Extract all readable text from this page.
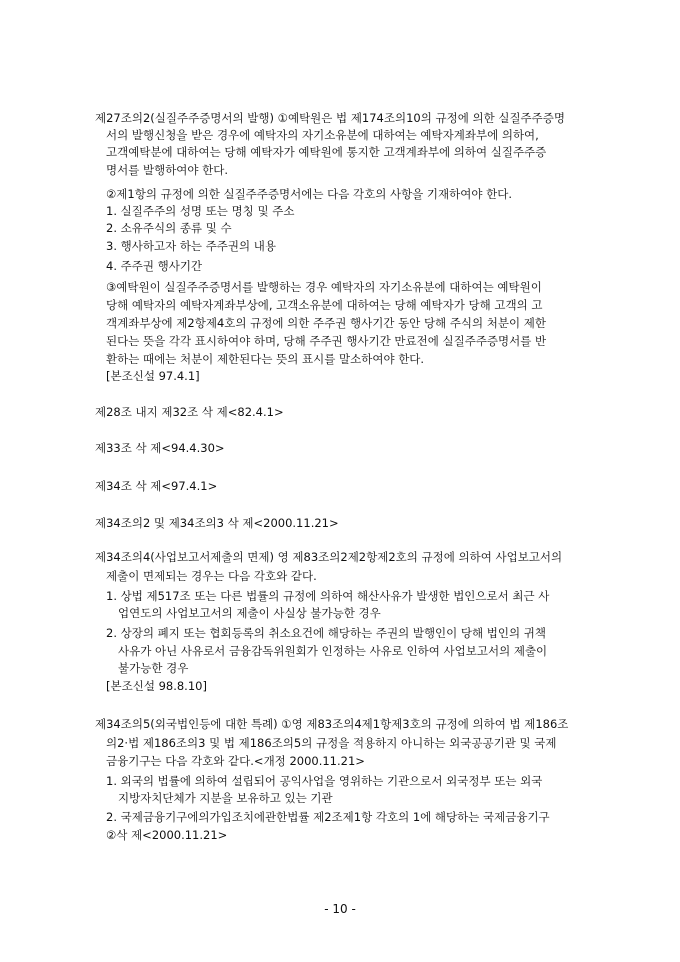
제27조의2(실질주주증명서의 발행) ①예탁원은 법 제174조의10의 규정에 의한 실질주주증명
서의 발행신청을 받은 경우에 예탁자의 자기소유분에 대하여는 예탁자계좌부에 의하여,
고객예탁분에 대하여는 당해 예탁자가 예탁원에 통지한 고객계좌부에 의하여 실질주주증
명서를 발행하여야 한다.
②제1항의 규정에 의한 실질주주증명서에는 다음 각호의 사항을 기재하여야 한다.
1. 실질주주의 성명 또는 명칭 및 주소
2. 소유주식의 종류 및 수
3. 행사하고자 하는 주주권의 내용
4. 주주권 행사기간
③예탁원이 실질주주증명서를 발행하는 경우 예탁자의 자기소유분에 대하여는 예탁원이
당해 예탁자의 예탁자계좌부상에, 고객소유분에 대하여는 당해 예탁자가 당해 고객의 고
객계좌부상에 제2항제4호의 규정에 의한 주주권 행사기간 동안 당해 주식의 처분이 제한
된다는 뜻을 각각 표시하여야 하며, 당해 주주권 행사기간 만료전에 실질주주증명서를 반
환하는 때에는 처분이 제한된다는 뜻의 표시를 말소하여야 한다.
[본조신설 97.4.1]
제28조 내지 제32조 삭 제<82.4.1>
제33조 삭 제<94.4.30>
제34조 삭 제<97.4.1>
제34조의2 및 제34조의3 삭 제<2000.11.21>
제34조의4(사업보고서제출의 면제) 영 제83조의2제2항제2호의 규정에 의하여 사업보고서의
제출이 면제되는 경우는 다음 각호와 같다.
1. 상법 제517조 또는 다른 법률의 규정에 의하여 해산사유가 발생한 법인으로서 최근 사
업연도의 사업보고서의 제출이 사실상 불가능한 경우
2. 상장의 폐지 또는 협회등록의 취소요건에 해당하는 주권의 발행인이 당해 법인의 귀책
사유가 아닌 사유로서 금융감독위원회가 인정하는 사유로 인하여 사업보고서의 제출이
불가능한 경우
[본조신설 98.8.10]
제34조의5(외국법인등에 대한 특례) ①영 제83조의4제1항제3호의 규정에 의하여 법 제186조
의2·법 제186조의3 및 법 제186조의5의 규정을 적용하지 아니하는 외국공공기관 및 국제
금융기구는 다음 각호와 같다.<개정 2000.11.21>
1. 외국의 법률에 의하여 설립되어 공익사업을 영위하는 기관으로서 외국정부 또는 외국
지방자치단체가 지분을 보유하고 있는 기관
2. 국제금융기구에의가입조치에관한법률 제2조제1항 각호의 1에 해당하는 국제금융기구
②삭 제<2000.11.21>
- 10 -
